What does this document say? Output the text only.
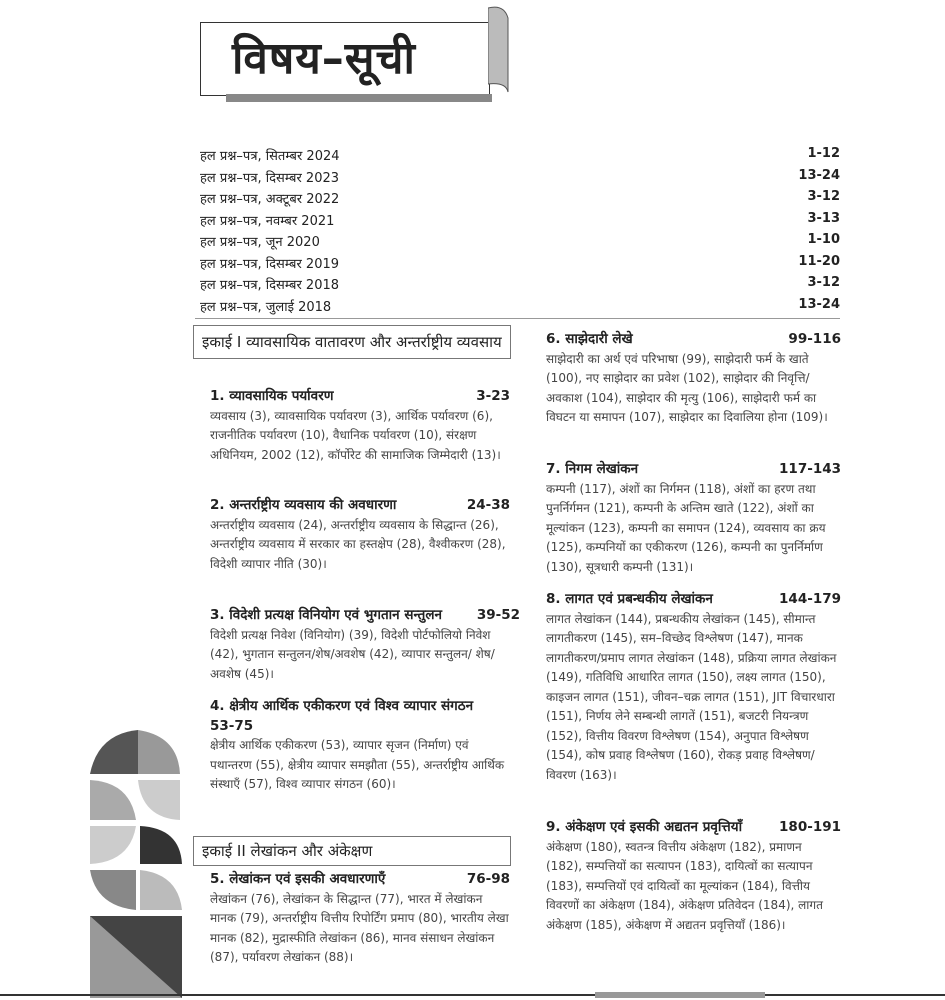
विषय–सूची
हल प्रश्न–पत्र, सितम्बर 2024	1-12
हल प्रश्न–पत्र, दिसम्बर 2023	13-24
हल प्रश्न–पत्र, अक्टूबर 2022	3-12
हल प्रश्न–पत्र, नवम्बर 2021	3-13
हल प्रश्न–पत्र, जून 2020	1-10
हल प्रश्न–पत्र, दिसम्बर 2019	11-20
हल प्रश्न–पत्र, दिसम्बर 2018	3-12
हल प्रश्न–पत्र, जुलाई 2018	13-24
इकाई I व्यावसायिक वातावरण और अन्तर्राष्ट्रीय व्यवसाय
1. व्यावसायिक पर्यावरण	3-23
व्यवसाय (3), व्यावसायिक पर्यावरण (3), आर्थिक पर्यावरण (6), राजनीतिक पर्यावरण (10), वैधानिक पर्यावरण (10), संरक्षण अधिनियम, 2002 (12), कॉर्पोरेट की सामाजिक जिम्मेदारी (13)।
2. अन्तर्राष्ट्रीय व्यवसाय की अवधारणा	24-38
अन्तर्राष्ट्रीय व्यवसाय (24), अन्तर्राष्ट्रीय व्यवसाय के सिद्धान्त (26), अन्तर्राष्ट्रीय व्यवसाय में सरकार का हस्तक्षेप (28), वैश्वीकरण (28), विदेशी व्यापार नीति (30)।
3. विदेशी प्रत्यक्ष विनियोग एवं भुगतान सन्तुलन	39-52
विदेशी प्रत्यक्ष निवेश (विनियोग) (39), विदेशी पोर्टफोलियो निवेश (42), भुगतान सन्तुलन/शेष/अवशेष (42), व्यापार सन्तुलन/ शेष/अवशेष (45)।
4. क्षेत्रीय आर्थिक एकीकरण एवं विश्व व्यापार संगठन
53-75
क्षेत्रीय आर्थिक एकीकरण (53), व्यापार सृजन (निर्माण) एवं पथान्तरण (55), क्षेत्रीय व्यापार समझौता (55), अन्तर्राष्ट्रीय आर्थिक संस्थाएँ (57), विश्व व्यापार संगठन (60)।
इकाई II लेखांकन और अंकेक्षण
5. लेखांकन एवं इसकी अवधारणाएँ	76-98
लेखांकन (76), लेखांकन के सिद्धान्त (77), भारत में लेखांकन मानक (79), अन्तर्राष्ट्रीय वित्तीय रिपोर्टिंग प्रमाप (80), भारतीय लेखा मानक (82), मुद्रास्फीति लेखांकन (86), मानव संसाधन लेखांकन (87), पर्यावरण लेखांकन (88)।
6. साझेदारी लेखे	99-116
साझेदारी का अर्थ एवं परिभाषा (99), साझेदारी फर्म के खाते (100), नए साझेदार का प्रवेश (102), साझेदार की निवृत्ति/अवकाश (104), साझेदार की मृत्यु (106), साझेदारी फर्म का विघटन या समापन (107), साझेदार का दिवालिया होना (109)।
7. निगम लेखांकन	117-143
कम्पनी (117), अंशों का निर्गमन (118), अंशों का हरण तथा पुनर्निर्गमन (121), कम्पनी के अन्तिम खाते (122), अंशों का मूल्यांकन (123), कम्पनी का समापन (124), व्यवसाय का क्रय (125), कम्पनियों का एकीकरण (126), कम्पनी का पुनर्निर्माण (130), सूत्रधारी कम्पनी (131)।
8. लागत एवं प्रबन्धकीय लेखांकन	144-179
लागत लेखांकन (144), प्रबन्धकीय लेखांकन (145), सीमान्त लागतीकरण (145), सम–विच्छेद विश्लेषण (147), मानक लागतीकरण/प्रमाप लागत लेखांकन (148), प्रक्रिया लागत लेखांकन (149), गतिविधि आधारित लागत (150), लक्ष्य लागत (150), काइजन लागत (151), जीवन–चक्र लागत (151), JIT विचारधारा (151), निर्णय लेने सम्बन्धी लागतें (151), बजटरी नियन्त्रण (152), वित्तीय विवरण विश्लेषण (154), अनुपात विश्लेषण (154), कोष प्रवाह विश्लेषण (160), रोकड़ प्रवाह विश्लेषण/विवरण (163)।
9. अंकेक्षण एवं इसकी अद्यतन प्रवृत्तियाँ	180-191
अंकेक्षण (180), स्वतन्त्र वित्तीय अंकेक्षण (182), प्रमाणन (182), सम्पत्तियों का सत्यापन (183), दायित्वों का सत्यापन (183), सम्पत्तियों एवं दायित्वों का मूल्यांकन (184), वित्तीय विवरणों का अंकेक्षण (184), अंकेक्षण प्रतिवेदन (184), लागत अंकेक्षण (185), अंकेक्षण में अद्यतन प्रवृत्तियाँ (186)।
